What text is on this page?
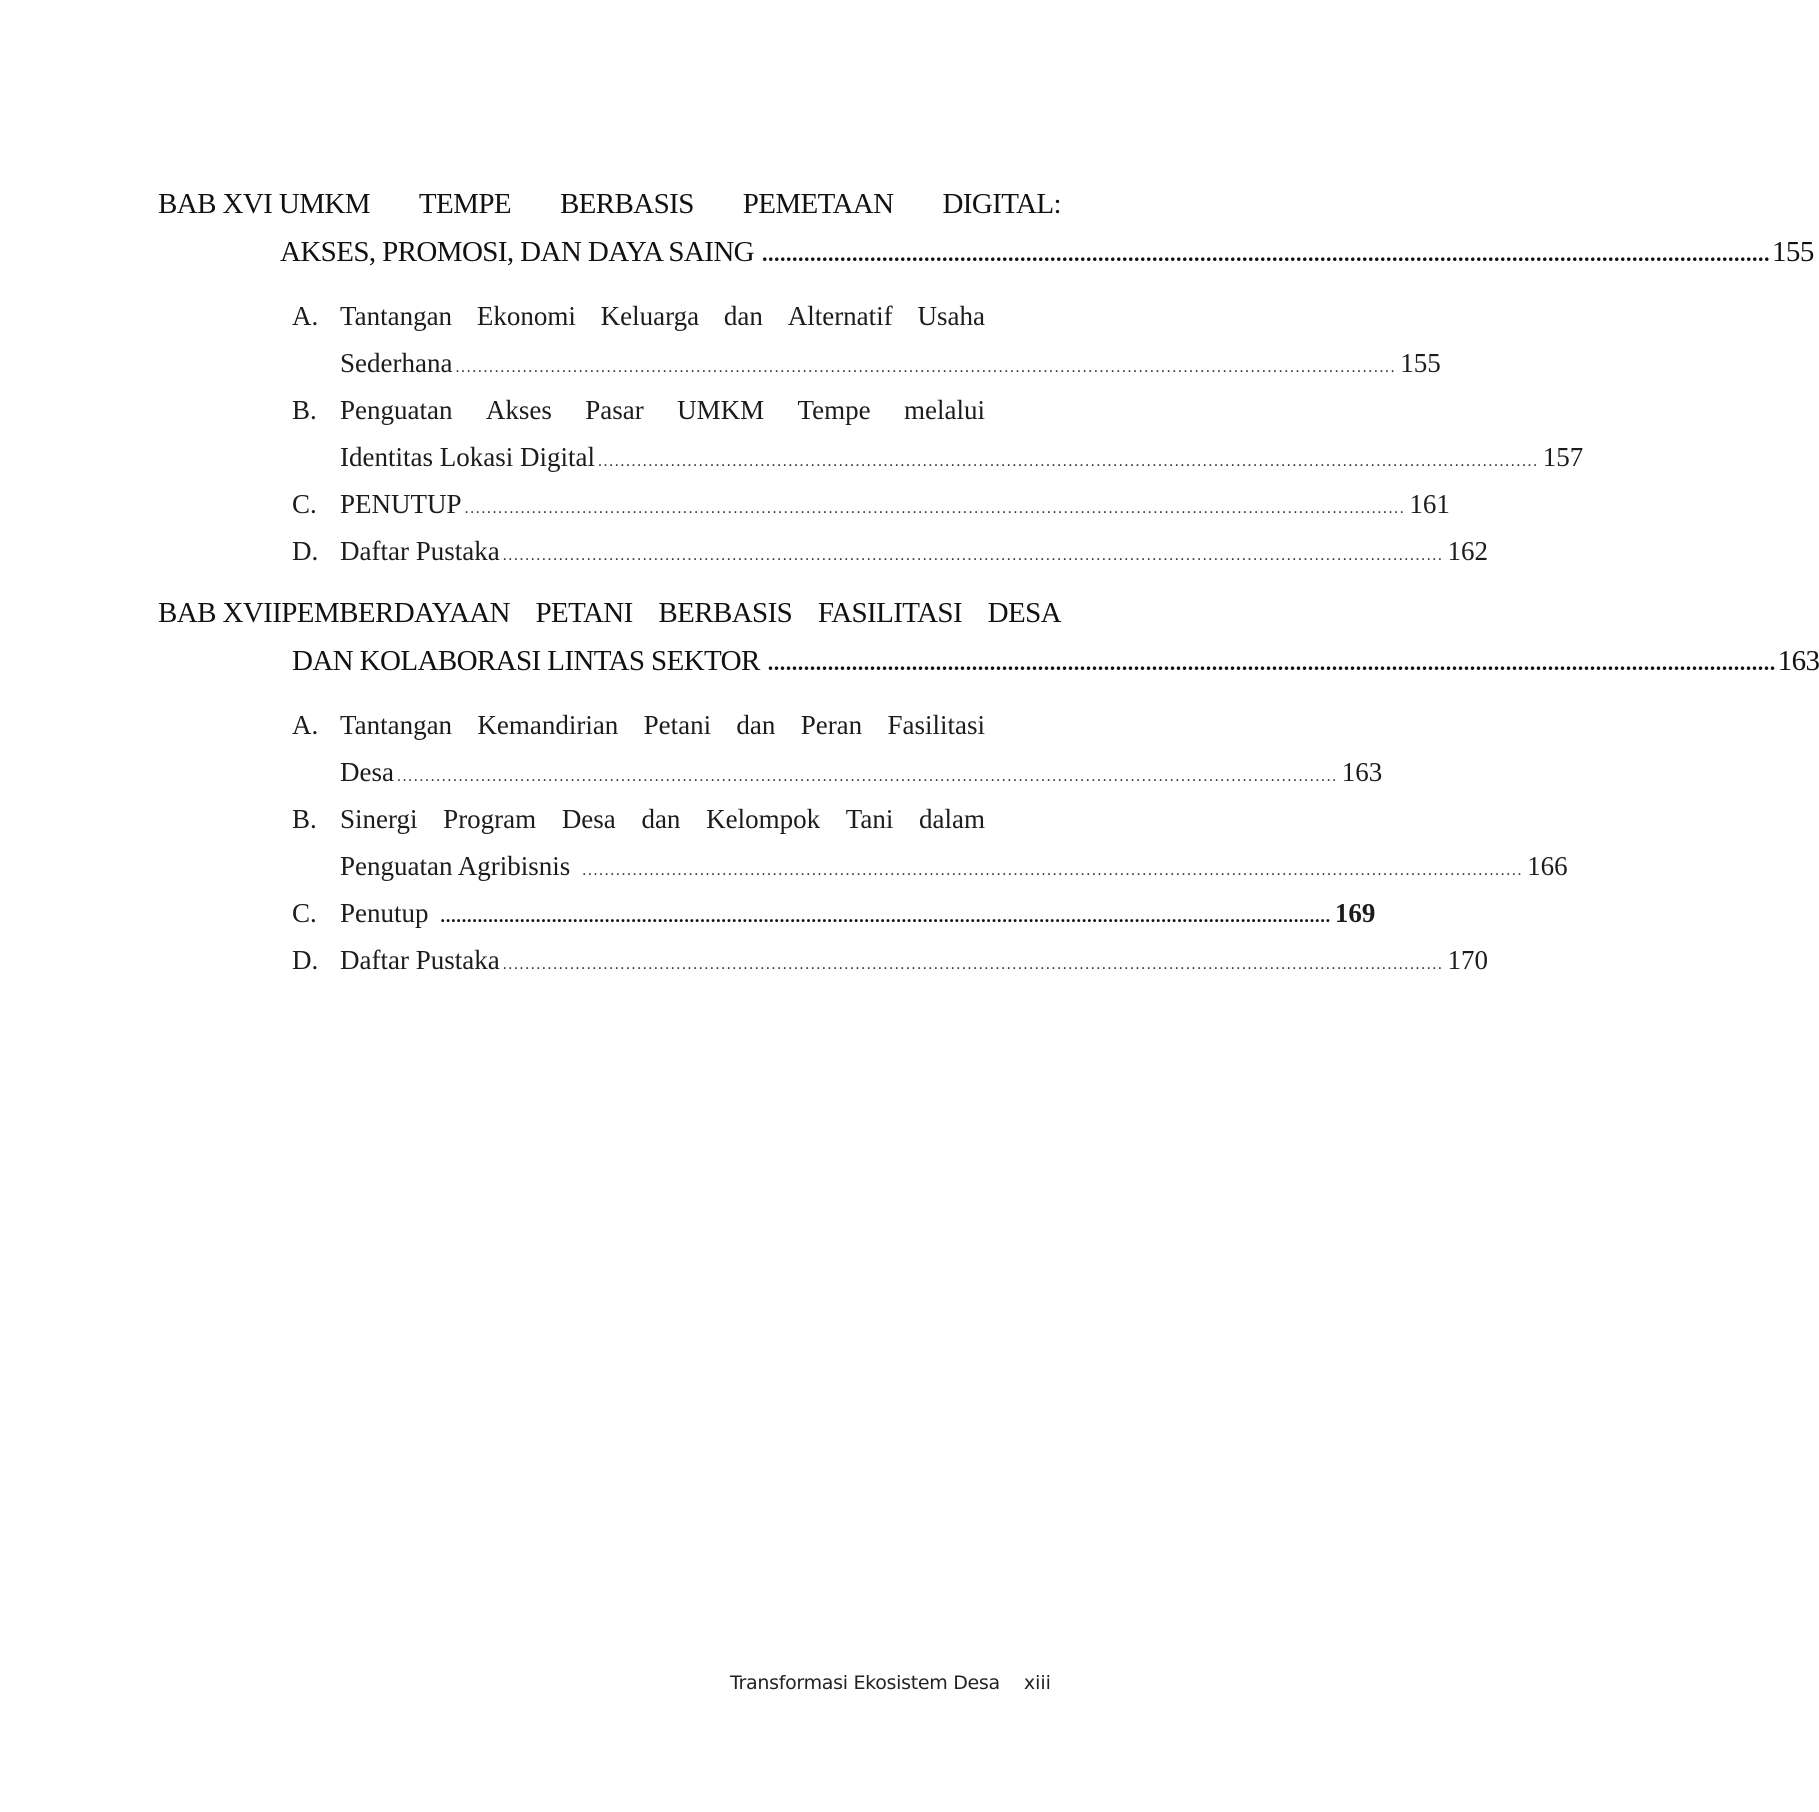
BAB XVI UMKM TEMPE BERBASIS PEMETAAN DIGITAL:
AKSES, PROMOSI, DAN DAYA SAING ........................................................................................................................................................................ 155
A. Tantangan Ekonomi Keluarga dan Alternatif Usaha
Sederhana ........................................................................................................................................................................ 155
B. Penguatan Akses Pasar UMKM Tempe melalui
Identitas Lokasi Digital ........................................................................................................................................................................ 157
C. PENUTUP ........................................................................................................................................................................ 161
D. Daftar Pustaka ........................................................................................................................................................................ 162
BAB XVIIPEMBERDAYAAN PETANI BERBASIS FASILITASI DESA
DAN KOLABORASI LINTAS SEKTOR ........................................................................................................................................................................ 163
A. Tantangan Kemandirian Petani dan Peran Fasilitasi
Desa ........................................................................................................................................................................ 163
B. Sinergi Program Desa dan Kelompok Tani dalam
Penguatan Agribisnis ........................................................................................................................................................................ 166
C. Penutup ........................................................................................................................................................................ 169
D. Daftar Pustaka ........................................................................................................................................................................ 170
Transformasi Ekosistem Desa xiii
